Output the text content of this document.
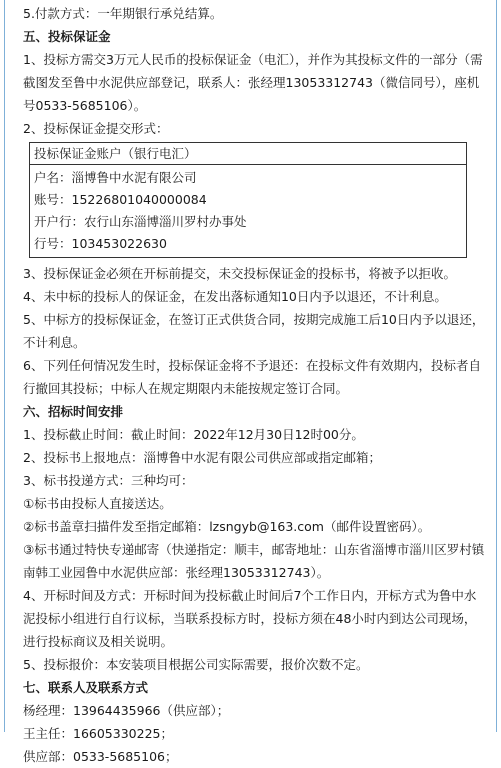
5.付款方式：一年期银行承兑结算。
五、投标保证金
1、投标方需交3万元人民币的投标保证金（电汇），并作为其投标文件的一部分（需截图发至鲁中水泥供应部登记，联系人：张经理13053312743（微信同号），座机号0533-5685106）。
2、投标保证金提交形式：
投标保证金账户（银行电汇）
户名：淄博鲁中水泥有限公司
账号：15226801040000084
开户行：农行山东淄博淄川罗村办事处
行号：103453022630
3、投标保证金必须在开标前提交，未交投标保证金的投标书，将被予以拒收。
4、未中标的投标人的保证金，在发出落标通知10日内予以退还，不计利息。
5、中标方的投标保证金，在签订正式供货合同，按期完成施工后10日内予以退还，不计利息。
6、下列任何情况发生时，投标保证金将不予退还：在投标文件有效期内，投标者自行撤回其投标；中标人在规定期限内未能按规定签订合同。
六、招标时间安排
1、投标截止时间：截止时间：2022年12月30日12时00分。
2、投标书上报地点：淄博鲁中水泥有限公司供应部或指定邮箱；
3、标书投递方式：三种均可：
①标书由投标人直接送达。
②标书盖章扫描件发至指定邮箱：lzsngyb@163.com（邮件设置密码）。
③标书通过特快专递邮寄（快递指定：顺丰，邮寄地址：山东省淄博市淄川区罗村镇南韩工业园鲁中水泥供应部：张经理13053312743）。
4、开标时间及方式：开标时间为投标截止时间后7个工作日内，开标方式为鲁中水泥投标小组进行自行议标，当联系投标方时，投标方须在48小时内到达公司现场，进行投标商议及相关说明。
5、投标报价：本安装项目根据公司实际需要，报价次数不定。
七、联系人及联系方式
杨经理：13964435966（供应部）；
王主任：16605330225；
供应部：0533-5685106；
